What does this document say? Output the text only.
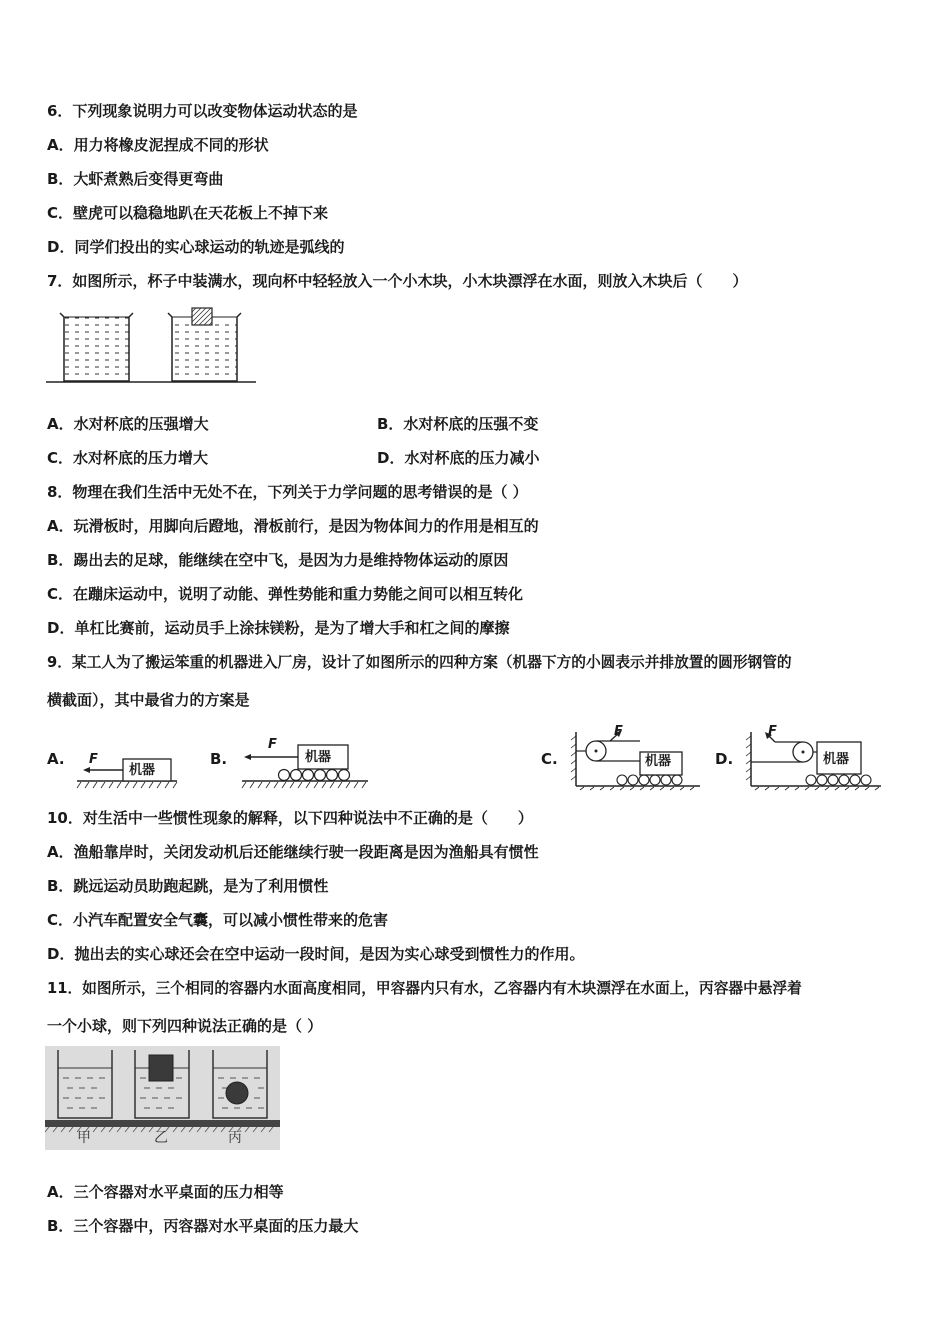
6．下列现象说明力可以改变物体运动状态的是
A．用力将橡皮泥捏成不同的形状
B．大虾煮熟后变得更弯曲
C．壁虎可以稳稳地趴在天花板上不掉下来
D．同学们投出的实心球运动的轨迹是弧线的
7．如图所示，杯子中装满水，现向杯中轻轻放入一个小木块，小木块漂浮在水面，则放入木块后（　　）
A．水对杯底的压强增大	B．水对杯底的压强不变
C．水对杯底的压力增大	D．水对杯底的压力减小
8．物理在我们生活中无处不在，下列关于力学问题的思考错误的是（ ）
A．玩滑板时，用脚向后蹬地，滑板前行，是因为物体间力的作用是相互的
B．踢出去的足球，能继续在空中飞，是因为力是维持物体运动的原因
C．在蹦床运动中，说明了动能、弹性势能和重力势能之间可以相互转化
D．单杠比赛前，运动员手上涂抹镁粉，是为了增大手和杠之间的摩擦
9．某工人为了搬运笨重的机器进入厂房，设计了如图所示的四种方案（机器下方的小圆表示并排放置的圆形钢管的
横截面），其中最省力的方案是
A.	B.	C.	D.
F
机器
F
机器
F
机器
F
机器
10．对生活中一些惯性现象的解释，以下四种说法中不正确的是（　　）
A．渔船靠岸时，关闭发动机后还能继续行驶一段距离是因为渔船具有惯性
B．跳远运动员助跑起跳，是为了利用惯性
C．小汽车配置安全气囊，可以减小惯性带来的危害
D．抛出去的实心球还会在空中运动一段时间，是因为实心球受到惯性力的作用。
11．如图所示，三个相同的容器内水面高度相同，甲容器内只有水，乙容器内有木块漂浮在水面上，丙容器中悬浮着
一个小球，则下列四种说法正确的是（ ）
甲	乙	丙
A．三个容器对水平桌面的压力相等
B．三个容器中，丙容器对水平桌面的压力最大
